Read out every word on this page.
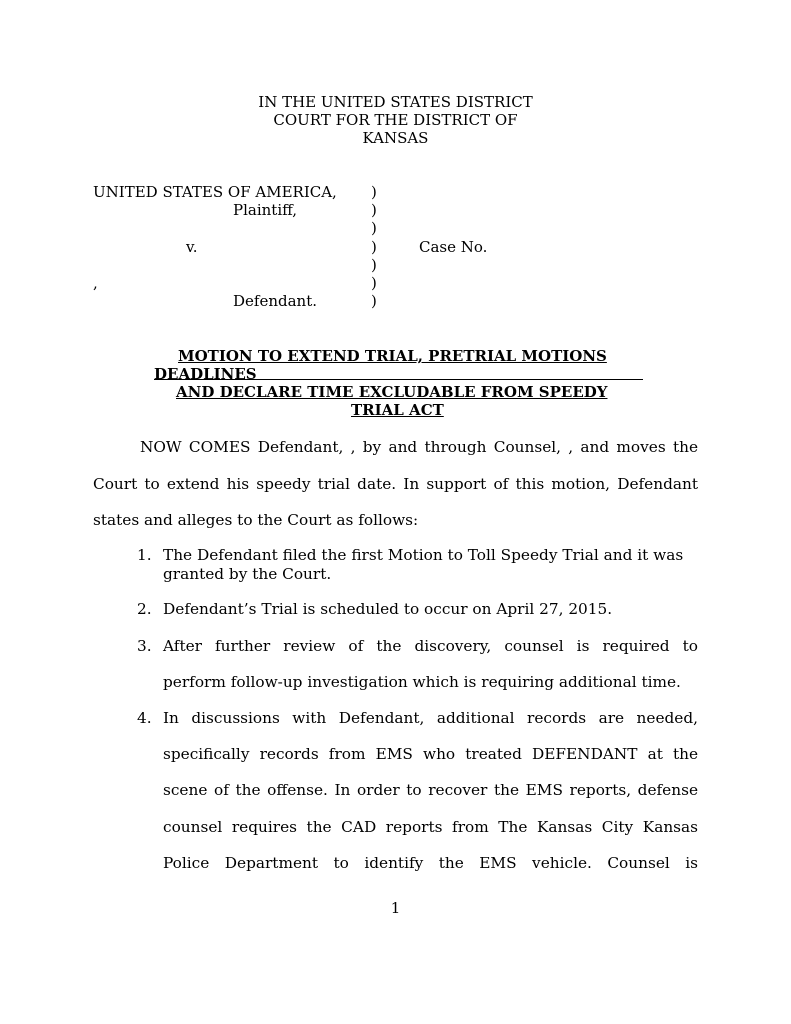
IN THE UNITED STATES DISTRICT
COURT FOR THE DISTRICT OF
KANSAS
UNITED STATES OF AMERICA,
Plaintiff,
v.
,
Defendant.
)
)
)
)
)
)
)
Case No.
MOTION TO EXTEND TRIAL, PRETRIAL MOTIONS
DEADLINES
AND DECLARE TIME EXCLUDABLE FROM SPEEDY
TRIAL ACT
NOW COMES Defendant, , by and through Counsel, , and moves the
Court to extend his speedy trial date. In support of this motion, Defendant states and alleges to the Court as follows:
1. The Defendant filed the first Motion to Toll Speedy Trial and it was granted by the Court.
2. Defendant’s Trial is scheduled to occur on April 27, 2015.
3. After further review of the discovery, counsel is required to
perform follow-up investigation which is requiring additional time.
4. In discussions with Defendant, additional records are needed,
specifically records from EMS who treated DEFENDANT at the
scene of the offense. In order to recover the EMS reports, defense
counsel requires the CAD reports from The Kansas City Kansas
Police Department to identify the EMS vehicle. Counsel is
1
